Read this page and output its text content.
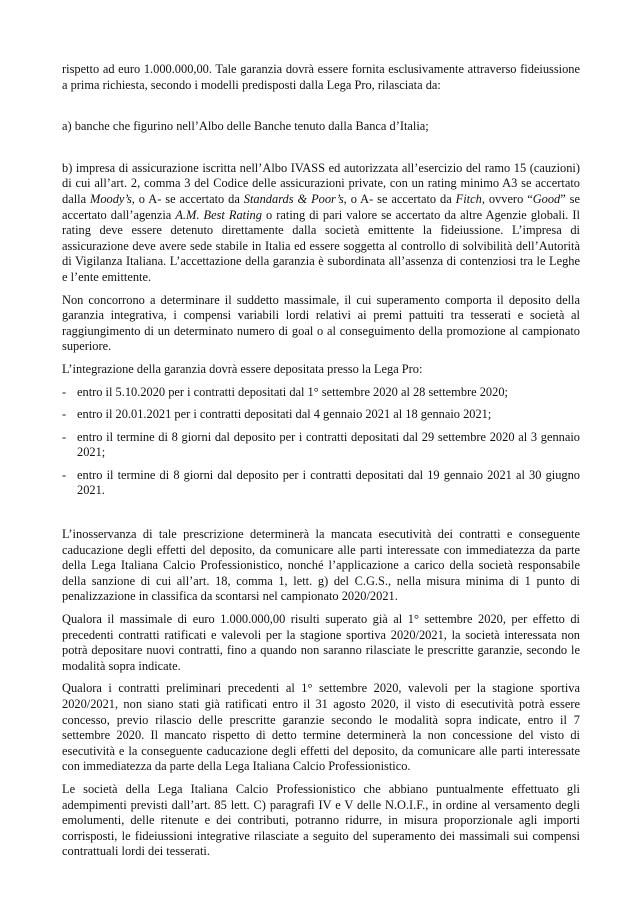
rispetto ad euro 1.000.000,00. Tale garanzia dovrà essere fornita esclusivamente attraverso fideiussione a prima richiesta, secondo i modelli predisposti dalla Lega Pro, rilasciata da:

a) banche che figurino nell’Albo delle Banche tenuto dalla Banca d’Italia;

b) impresa di assicurazione iscritta nell’Albo IVASS ed autorizzata all’esercizio del ramo 15 (cauzioni) di cui all’art. 2, comma 3 del Codice delle assicurazioni private, con un rating minimo A3 se accertato dalla Moody’s, o A- se accertato da Standards & Poor’s, o A- se accertato da Fitch, ovvero “Good” se accertato dall’agenzia A.M. Best Rating o rating di pari valore se accertato da altre Agenzie globali. Il rating deve essere detenuto direttamente dalla società emittente la fideiussione. L’impresa di assicurazione deve avere sede stabile in Italia ed essere soggetta al controllo di solvibilità dell’Autorità di Vigilanza Italiana. L’accettazione della garanzia è subordinata all’assenza di contenziosi tra le Leghe e l’ente emittente.

Non concorrono a determinare il suddetto massimale, il cui superamento comporta il deposito della garanzia integrativa, i compensi variabili lordi relativi ai premi pattuiti tra tesserati e società al raggiungimento di un determinato numero di goal o al conseguimento della promozione al campionato superiore.

L’integrazione della garanzia dovrà essere depositata presso la Lega Pro:

- entro il 5.10.2020 per i contratti depositati dal 1° settembre 2020 al 28 settembre 2020;
- entro il 20.01.2021 per i contratti depositati dal 4 gennaio 2021 al 18 gennaio 2021;
- entro il termine di 8 giorni dal deposito per i contratti depositati dal 29 settembre 2020 al 3 gennaio 2021;
- entro il termine di 8 giorni dal deposito per i contratti depositati dal 19 gennaio 2021 al 30 giugno 2021.

L’inosservanza di tale prescrizione determinerà la mancata esecutività dei contratti e conseguente caducazione degli effetti del deposito, da comunicare alle parti interessate con immediatezza da parte della Lega Italiana Calcio Professionistico, nonché l’applicazione a carico della società responsabile della sanzione di cui all’art. 18, comma 1, lett. g) del C.G.S., nella misura minima di 1 punto di penalizzazione in classifica da scontarsi nel campionato 2020/2021.

Qualora il massimale di euro 1.000.000,00 risulti superato già al 1° settembre 2020, per effetto di precedenti contratti ratificati e valevoli per la stagione sportiva 2020/2021, la società interessata non potrà depositare nuovi contratti, fino a quando non saranno rilasciate le prescritte garanzie, secondo le modalità sopra indicate.

Qualora i contratti preliminari precedenti al 1° settembre 2020, valevoli per la stagione sportiva 2020/2021, non siano stati già ratificati entro il 31 agosto 2020, il visto di esecutività potrà essere concesso, previo rilascio delle prescritte garanzie secondo le modalità sopra indicate, entro il 7 settembre 2020. Il mancato rispetto di detto termine determinerà la non concessione del visto di esecutività e la conseguente caducazione degli effetti del deposito, da comunicare alle parti interessate con immediatezza da parte della Lega Italiana Calcio Professionistico.

Le società della Lega Italiana Calcio Professionistico che abbiano puntualmente effettuato gli adempimenti previsti dall’art. 85 lett. C) paragrafi IV e V delle N.O.I.F., in ordine al versamento degli emolumenti, delle ritenute e dei contributi, potranno ridurre, in misura proporzionale agli importi corrisposti, le fideiussioni integrative rilasciate a seguito del superamento dei massimali sui compensi contrattuali lordi dei tesserati.
